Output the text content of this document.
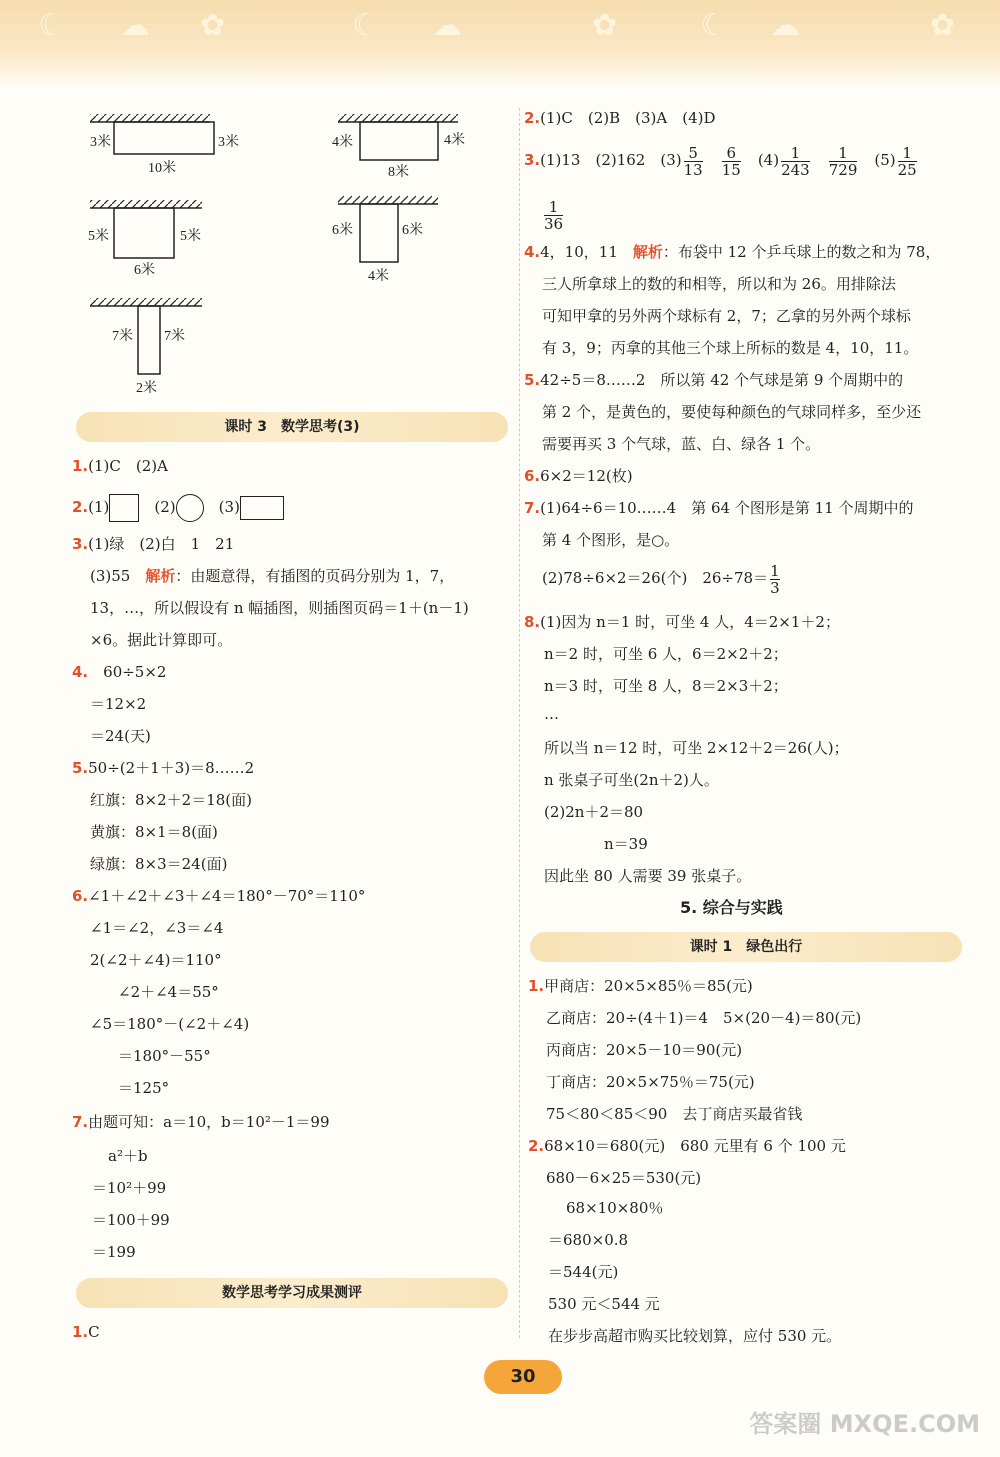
☾ ☁ ✿	☾ ☁	✿	☾ ☁	✿
3米	3米
10米
4米	4米
8米
5米	5米
6米
6米	6米
4米
7米 7米
2米
课时 3　数学思考(3)
1.(1)C　(2)A
2.(1)　	(2)　	(3)
3.(1)绿　(2)白　1　21
(3)55　解析：由题意得，有插图的页码分别为 1，7，
13，…，所以假设有 n 幅插图，则插图页码＝1＋(n－1)
×6。据此计算即可。
4.　 60÷5×2
＝12×2
＝24(天)
5.50÷(2＋1＋3)＝8……2
红旗：8×2＋2＝18(面)
黄旗：8×1＝8(面)
绿旗：8×3＝24(面)
6.∠1＋∠2＋∠3＋∠4＝180°－70°＝110°
∠1＝∠2，∠3＝∠4
2(∠2＋∠4)＝110°
∠2＋∠4＝55°
∠5＝180°－(∠2＋∠4)
＝180°－55°
＝125°
7.由题可知：a＝10，b＝10²－1＝99
a²＋b
＝10²＋99
＝100＋99
＝199
数学思考学习成果测评
1.C
2.(1)C　(2)B　(3)A　(4)D
3.(1)13　(2)162　$(3) \frac{5}{13}$
　 $\frac{6}{15}$
　 $(4) \frac{1}{243}$
　 $\frac{1}{729}$
　 $(5) \frac{1}{25}$
$\frac{1}{36}$
4.4，10，11　解析：布袋中 12 个乒乓球上的数之和为 78，
三人所拿球上的数的和相等，所以和为 26。用排除法
可知甲拿的另外两个球标有 2，7；乙拿的另外两个球标
有 3，9；丙拿的其他三个球上所标的数是 4，10，11。
5.42÷5＝8……2　所以第 42 个气球是第 9 个周期中的
第 2 个，是黄色的，要使每种颜色的气球同样多，至少还
需要再买 3 个气球，蓝、白、绿各 1 个。
6.6×2＝12(枚)
7.(1)64÷6＝10……4　第 64 个图形是第 11 个周期中的
第 4 个图形，是○。
(2)78÷6×2＝26(个)　$26\div 78= \frac{1}{3}$
8.(1)因为 n＝1 时，可坐 4 人，4＝2×1＋2；
n＝2 时，可坐 6 人，6＝2×2＋2；
n＝3 时，可坐 8 人，8＝2×3＋2；
…
所以当 n＝12 时，可坐 2×12＋2＝26(人)；
n 张桌子可坐(2n＋2)人。
(2)2n＋2＝80
n＝39
因此坐 80 人需要 39 张桌子。
5. 综合与实践
课时 1　绿色出行
1.甲商店：20×5×85％＝85(元)
乙商店：20÷(4＋1)＝4　5×(20－4)＝80(元)
丙商店：20×5－10＝90(元)
丁商店：20×5×75％＝75(元)
75＜80＜85＜90　去丁商店买最省钱
2.68×10＝680(元)　680 元里有 6 个 100 元
680－6×25＝530(元)
68×10×80％
＝680×0.8
＝544(元)
530 元＜544 元
在步步高超市购买比较划算，应付 530 元。
30
答案圈 MXQE.COM
